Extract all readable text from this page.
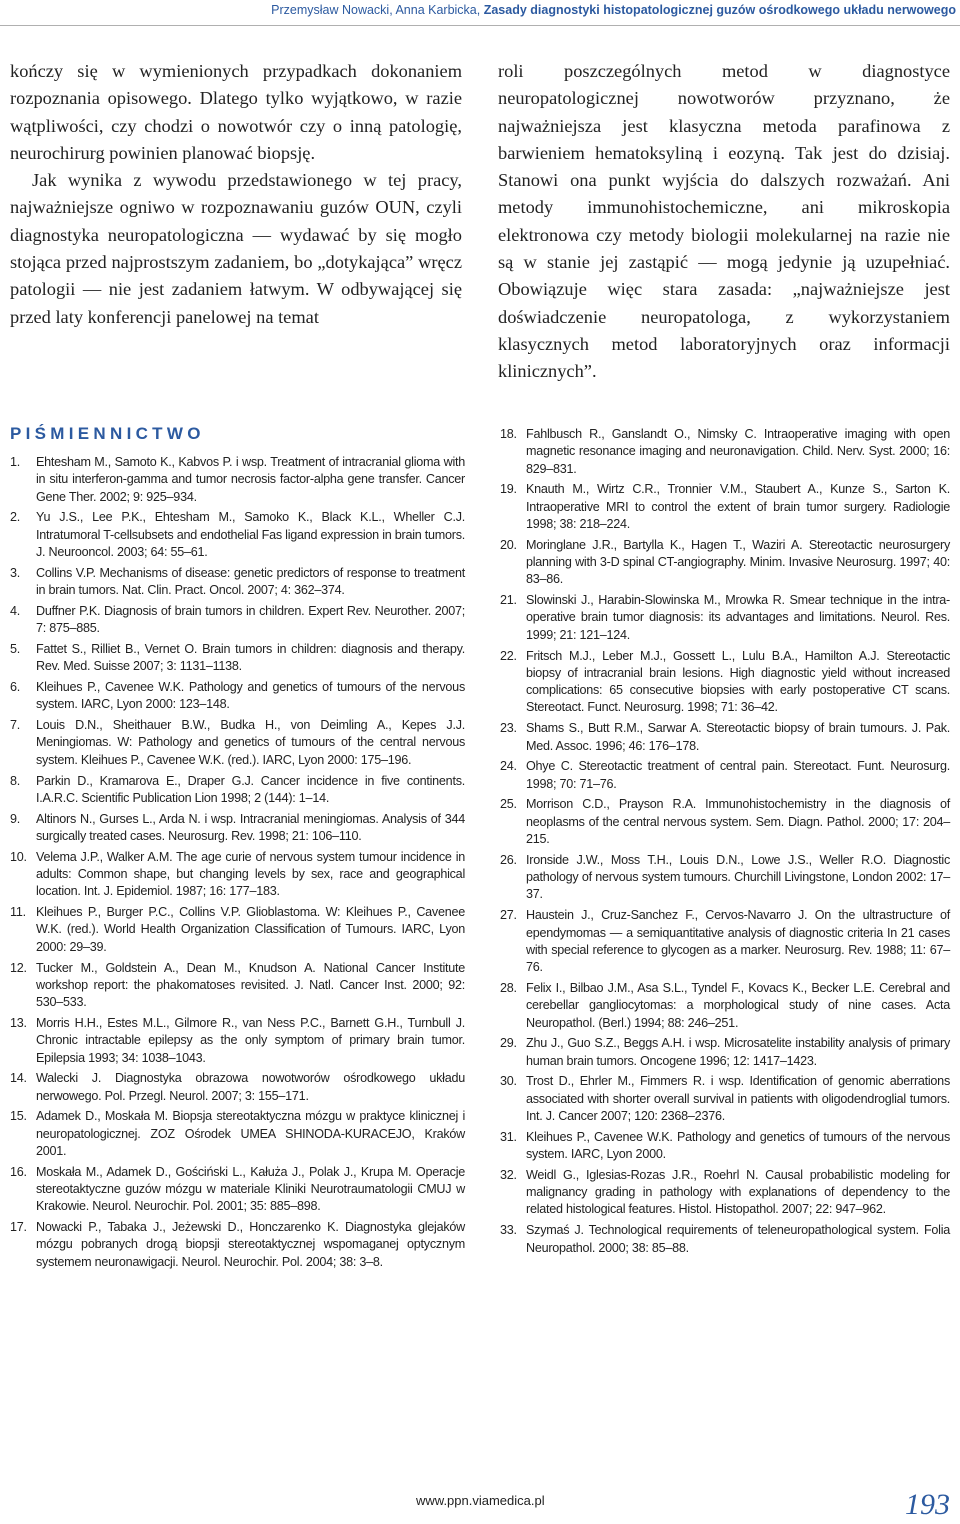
Przemysław Nowacki, Anna Karbicka, Zasady diagnostyki histopatologicznej guzów ośrodkowego układu nerwowego

kończy się w wymienionych przypadkach dokonaniem rozpoznania opisowego. Dlatego tylko wyjątkowo, w razie wątpliwości, czy chodzi o nowotwór czy o inną patologię, neurochirurg powinien planować biopsję.

Jak wynika z wywodu przedstawionego w tej pracy, najważniejsze ogniwo w rozpoznawaniu guzów OUN, czyli diagnostyka neuropatologiczna — wydawać by się mogło stojąca przed najprostszym zadaniem, bo „dotykająca” wręcz patologii — nie jest zadaniem łatwym. W odbywającej się przed laty konferencji panelowej na temat

roli poszczególnych metod w diagnostyce neuropatologicznej nowotworów przyznano, że najważniejsza jest klasyczna metoda parafinowa z barwieniem hematoksyliną i eozyną. Tak jest do dzisiaj. Stanowi ona punkt wyjścia do dalszych rozważań. Ani metody immunohistochemiczne, ani mikroskopia elektronowa czy metody biologii molekularnej na razie nie są w stanie jej zastąpić — mogą jedynie ją uzupełniać. Obowiązuje więc stara zasada: „najważniejsze jest doświadczenie neuropatologa, z wykorzystaniem klasycznych metod laboratoryjnych oraz informacji klinicznych”.

PIŚMIENNICTWO
1. Ehtesham M., Samoto K., Kabvos P. i wsp. Treatment of intracranial glioma with in situ interferon-gamma and tumor necrosis factor-alpha gene transfer. Cancer Gene Ther. 2002; 9: 925–934.
2. Yu J.S., Lee P.K., Ehtesham M., Samoko K., Black K.L., Wheller C.J. Intratumoral T-cellsubsets and endothelial Fas ligand expression in brain tumors. J. Neurooncol. 2003; 64: 55–61.
3. Collins V.P. Mechanisms of disease: genetic predictors of response to treatment in brain tumors. Nat. Clin. Pract. Oncol. 2007; 4: 362–374.
4. Duffner P.K. Diagnosis of brain tumors in children. Expert Rev. Neurother. 2007; 7: 875–885.
5. Fattet S., Rilliet B., Vernet O. Brain tumors in children: diagnosis and therapy. Rev. Med. Suisse 2007; 3: 1131–1138.
6. Kleihues P., Cavenee W.K. Pathology and genetics of tumours of the nervous system. IARC, Lyon 2000: 123–148.
7. Louis D.N., Sheithauer B.W., Budka H., von Deimling A., Kepes J.J. Meningiomas. W: Pathology and genetics of tumours of the central nervous system. Kleihues P., Cavenee W.K. (red.). IARC, Lyon 2000: 175–196.
8. Parkin D., Kramarova E., Draper G.J. Cancer incidence in five continents. I.A.R.C. Scientific Publication Lion 1998; 2 (144): 1–14.
9. Altinors N., Gurses L., Arda N. i wsp. Intracranial meningiomas. Analysis of 344 surgically treated cases. Neurosurg. Rev. 1998; 21: 106–110.
10. Velema J.P., Walker A.M. The age curie of nervous system tumour incidence in adults: Common shape, but changing levels by sex, race and geographical location. Int. J. Epidemiol. 1987; 16: 177–183.
11. Kleihues P., Burger P.C., Collins V.P. Glioblastoma. W: Kleihues P., Cavenee W.K. (red.). World Health Organization Classification of Tumours. IARC, Lyon 2000: 29–39.
12. Tucker M., Goldstein A., Dean M., Knudson A. National Cancer Institute workshop report: the phakomatoses revisited. J. Natl. Cancer Inst. 2000; 92: 530–533.
13. Morris H.H., Estes M.L., Gilmore R., van Ness P.C., Barnett G.H., Turnbull J. Chronic intractable epilepsy as the only symptom of primary brain tumor. Epilepsia 1993; 34: 1038–1043.
14. Walecki J. Diagnostyka obrazowa nowotworów ośrodkowego układu nerwowego. Pol. Przegl. Neurol. 2007; 3: 155–171.
15. Adamek D., Moskała M. Biopsja stereotaktyczna mózgu w praktyce klinicznej i neuropatologicznej. ZOZ Ośrodek UMEA SHINODA-KURACEJO, Kraków 2001.
16. Moskała M., Adamek D., Gościński L., Kałuża J., Polak J., Krupa M. Operacje stereotaktyczne guzów mózgu w materiale Kliniki Neurotraumatologii CMUJ w Krakowie. Neurol. Neurochir. Pol. 2001; 35: 885–898.
17. Nowacki P., Tabaka J., Jeżewski D., Honczarenko K. Diagnostyka glejaków mózgu pobranych drogą biopsji stereotaktycznej wspomaganej optycznym systemem neuronawigacji. Neurol. Neurochir. Pol. 2004; 38: 3–8.
18. Fahlbusch R., Ganslandt O., Nimsky C. Intraoperative imaging with open magnetic resonance imaging and neuronavigation. Child. Nerv. Syst. 2000; 16: 829–831.
19. Knauth M., Wirtz C.R., Tronnier V.M., Staubert A., Kunze S., Sarton K. Intraoperative MRI to control the extent of brain tumor surgery. Radiologie 1998; 38: 218–224.
20. Moringlane J.R., Bartylla K., Hagen T., Waziri A. Stereotactic neurosurgery planning with 3-D spinal CT-angiography. Minim. Invasive Neurosurg. 1997; 40: 83–86.
21. Slowinski J., Harabin-Slowinska M., Mrowka R. Smear technique in the intra-operative brain tumor diagnosis: its advantages and limitations. Neurol. Res. 1999; 21: 121–124.
22. Fritsch M.J., Leber M.J., Gossett L., Lulu B.A., Hamilton A.J. Stereotactic biopsy of intracranial brain lesions. High diagnostic yield without increased complications: 65 consecutive biopsies with early postoperative CT scans. Stereotact. Funct. Neurosurg. 1998; 71: 36–42.
23. Shams S., Butt R.M., Sarwar A. Stereotactic biopsy of brain tumours. J. Pak. Med. Assoc. 1996; 46: 176–178.
24. Ohye C. Stereotactic treatment of central pain. Stereotact. Funt. Neurosurg. 1998; 70: 71–76.
25. Morrison C.D., Prayson R.A. Immunohistochemistry in the diagnosis of neoplasms of the central nervous system. Sem. Diagn. Pathol. 2000; 17: 204–215.
26. Ironside J.W., Moss T.H., Louis D.N., Lowe J.S., Weller R.O. Diagnostic pathology of nervous system tumours. Churchill Livingstone, London 2002: 17–37.
27. Haustein J., Cruz-Sanchez F., Cervos-Navarro J. On the ultrastructure of ependymomas — a semiquantitative analysis of diagnostic criteria In 21 cases with special reference to glycogen as a marker. Neurosurg. Rev. 1988; 11: 67–76.
28. Felix I., Bilbao J.M., Asa S.L., Tyndel F., Kovacs K., Becker L.E. Cerebral and cerebellar gangliocytomas: a morphological study of nine cases. Acta Neuropathol. (Berl.) 1994; 88: 246–251.
29. Zhu J., Guo S.Z., Beggs A.H. i wsp. Microsatelite instability analysis of primary human brain tumors. Oncogene 1996; 12: 1417–1423.
30. Trost D., Ehrler M., Fimmers R. i wsp. Identification of genomic aberrations associated with shorter overall survival in patients with oligodendroglial tumors. Int. J. Cancer 2007; 120: 2368–2376.
31. Kleihues P., Cavenee W.K. Pathology and genetics of tumours of the nervous system. IARC, Lyon 2000.
32. Weidl G., Iglesias-Rozas J.R., Roehrl N. Causal probabilistic modeling for malignancy grading in pathology with explanations of dependency to the related histological features. Histol. Histopathol. 2007; 22: 947–962.
33. Szymaś J. Technological requirements of teleneuropathological system. Folia Neuropathol. 2000; 38: 85–88.
www.ppn.viamedica.pl	193
